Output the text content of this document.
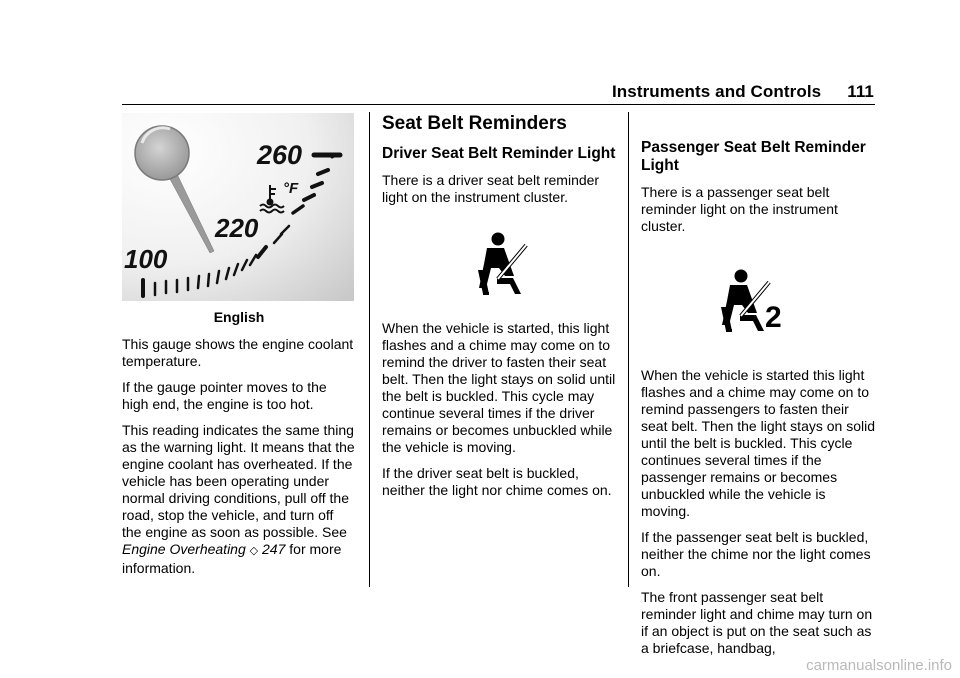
Instruments and Controls 111
260
220
100
°F
English

This gauge shows the engine coolant temperature.

If the gauge pointer moves to the high end, the engine is too hot.

This reading indicates the same thing as the warning light. It means that the engine coolant has overheated. If the vehicle has been operating under normal driving conditions, pull off the road, stop the vehicle, and turn off the engine as soon as possible. See Engine Overheating ◇ 247 for more information.

Seat Belt Reminders
Driver Seat Belt Reminder Light

There is a driver seat belt reminder light on the instrument cluster.

When the vehicle is started, this light flashes and a chime may come on to remind the driver to fasten their seat belt. Then the light stays on solid until the belt is buckled. This cycle may continue several times if the driver remains or becomes unbuckled while the vehicle is moving.

If the driver seat belt is buckled, neither the light nor chime comes on.

Passenger Seat Belt Reminder Light

There is a passenger seat belt reminder light on the instrument cluster.

2

When the vehicle is started this light flashes and a chime may come on to remind passengers to fasten their seat belt. Then the light stays on solid until the belt is buckled. This cycle continues several times if the passenger remains or becomes unbuckled while the vehicle is moving.

If the passenger seat belt is buckled, neither the chime nor the light comes on.

The front passenger seat belt reminder light and chime may turn on if an object is put on the seat such as a briefcase, handbag,

carmanualsonline.info
